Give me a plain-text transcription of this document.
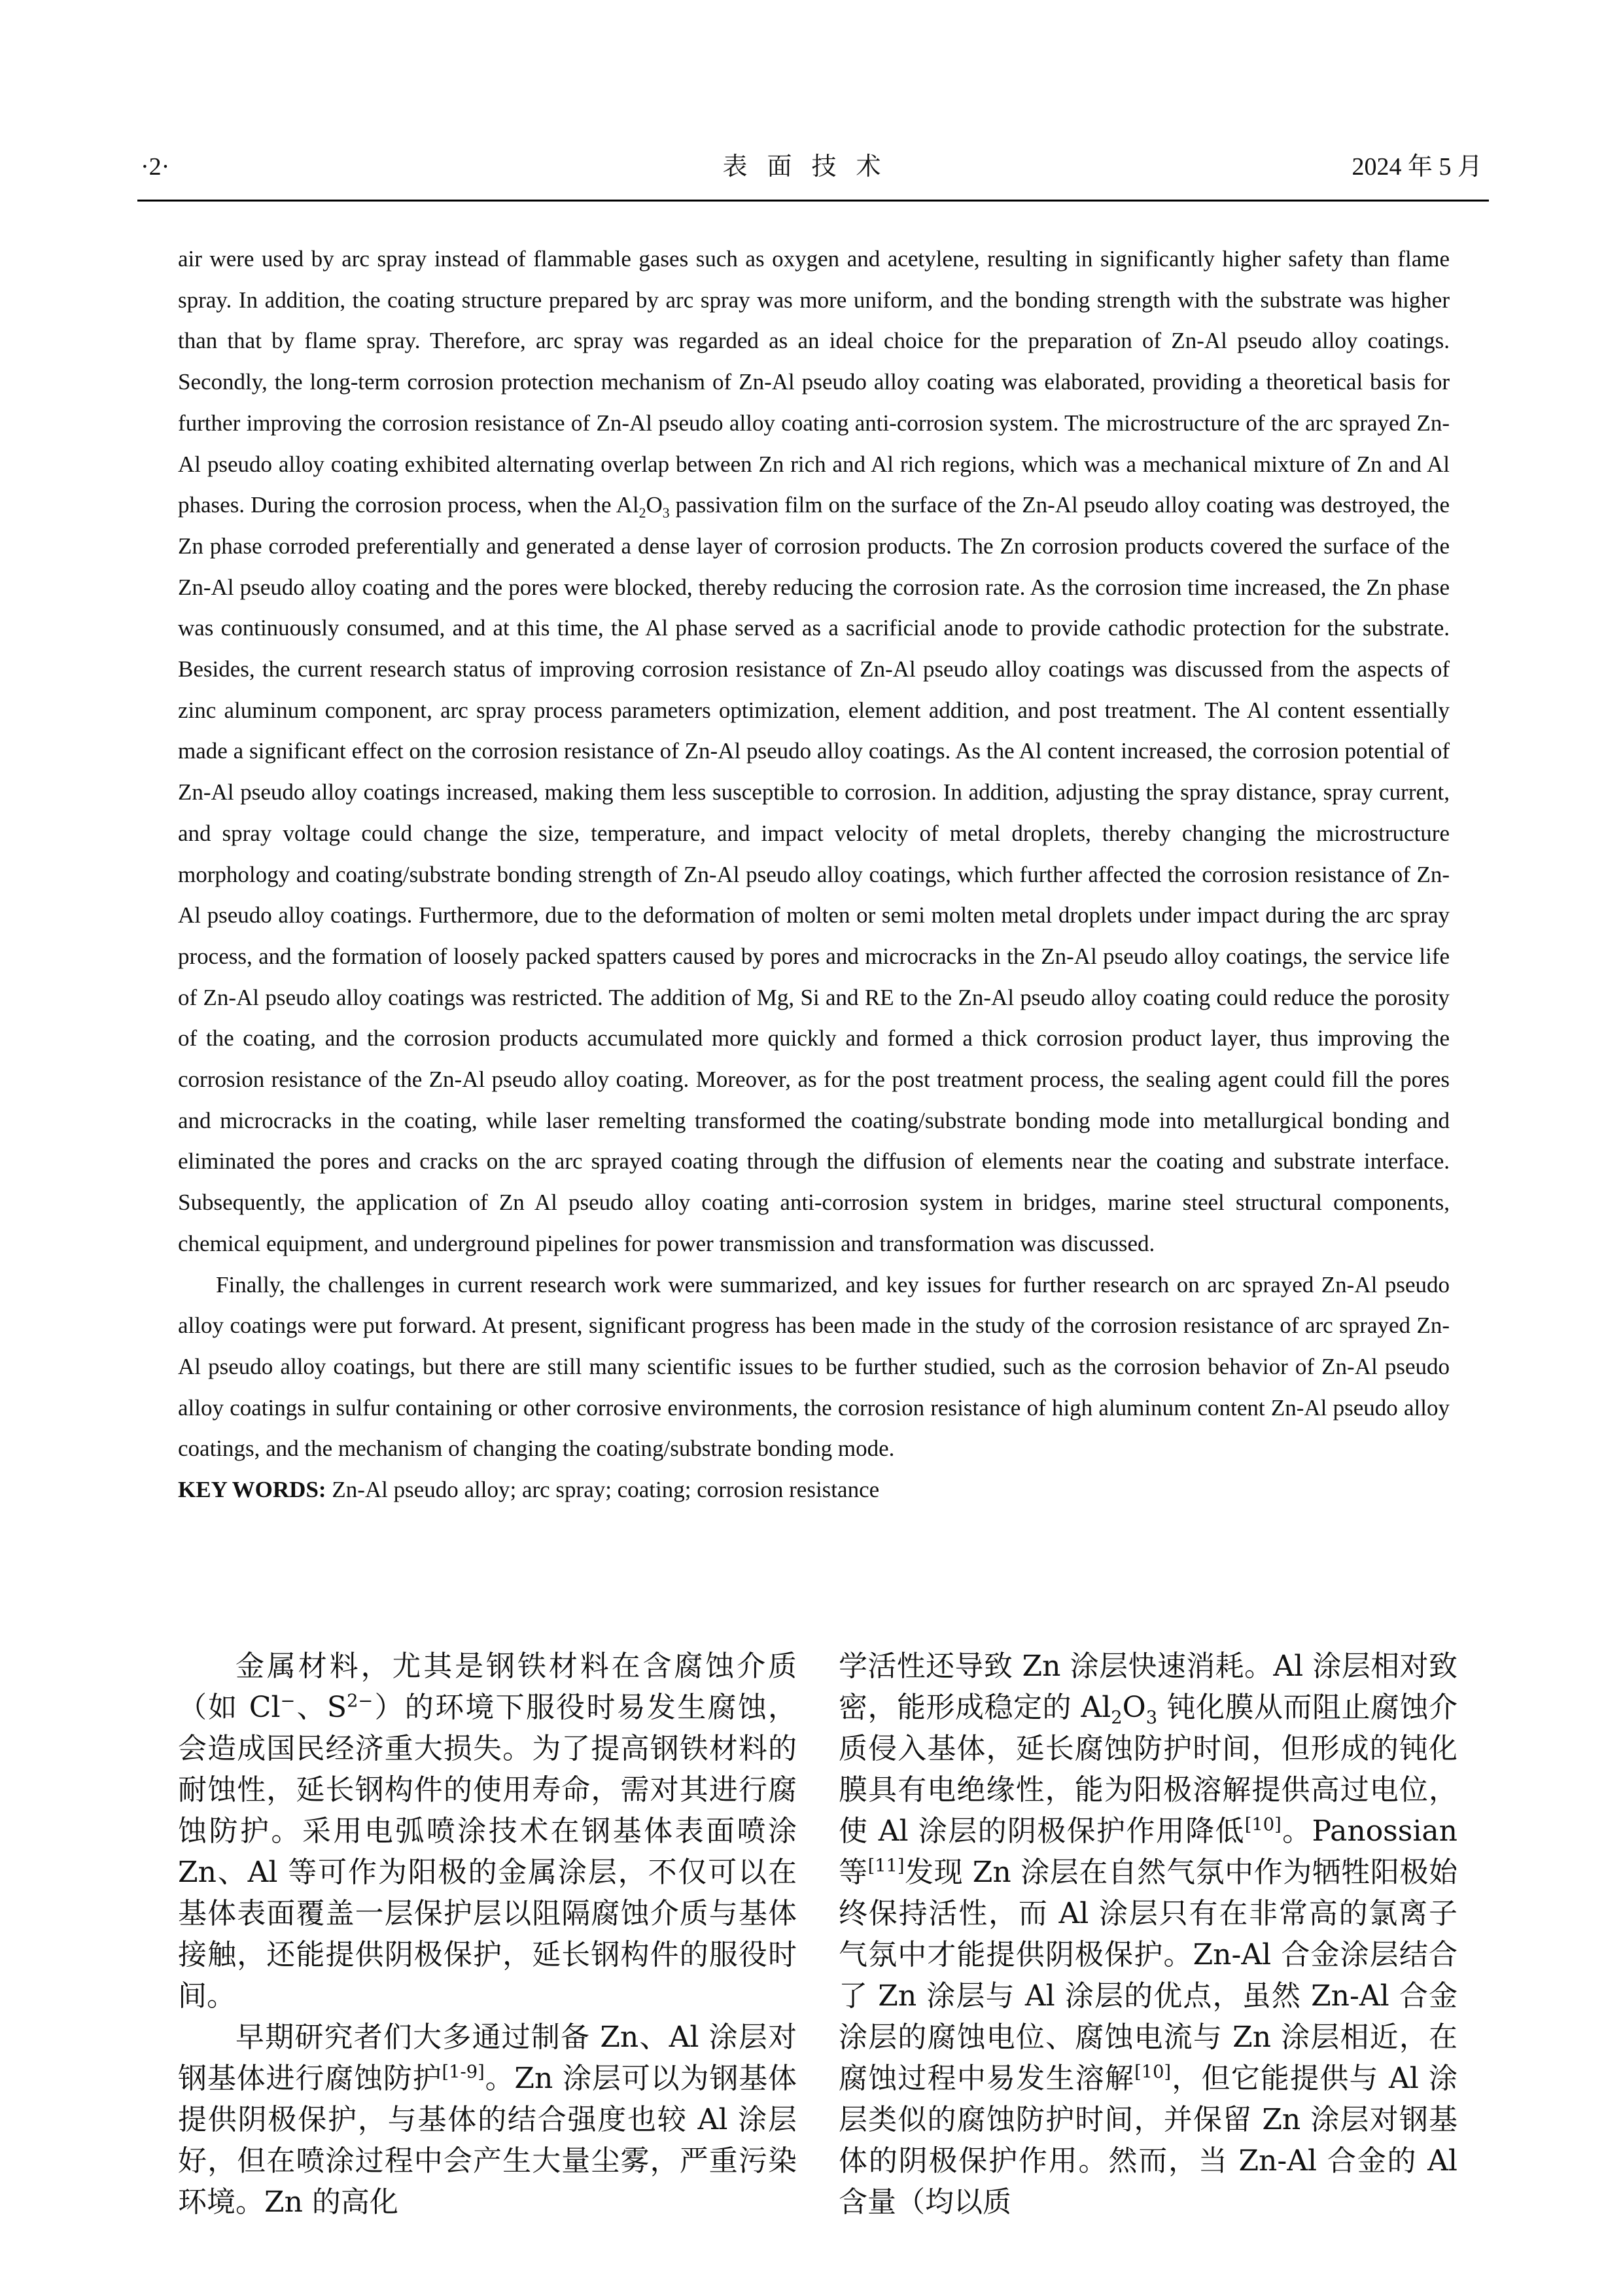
·2·	表面技术	2024 年 5 月

air were used by arc spray instead of flammable gases such as oxygen and acetylene, resulting in significantly higher safety than flame spray. In addition, the coating structure prepared by arc spray was more uniform, and the bonding strength with the substrate was higher than that by flame spray. Therefore, arc spray was regarded as an ideal choice for the preparation of Zn-Al pseudo alloy coatings. Secondly, the long-term corrosion protection mechanism of Zn-Al pseudo alloy coating was elaborated, providing a theoretical basis for further improving the corrosion resistance of Zn-Al pseudo alloy coating anti-corrosion system. The microstructure of the arc sprayed Zn-Al pseudo alloy coating exhibited alternating overlap between Zn rich and Al rich regions, which was a mechanical mixture of Zn and Al phases. During the corrosion process, when the $Al_2O_3$ passivation film on the surface of the Zn-Al pseudo alloy coating was destroyed, the Zn phase corroded preferentially and generated a dense layer of corrosion products. The Zn corrosion products covered the surface of the Zn-Al pseudo alloy coating and the pores were blocked, thereby reducing the corrosion rate. As the corrosion time increased, the Zn phase was continuously consumed, and at this time, the Al phase served as a sacrificial anode to provide cathodic protection for the substrate. Besides, the current research status of improving corrosion resistance of Zn-Al pseudo alloy coatings was discussed from the aspects of zinc aluminum component, arc spray process parameters optimization, element addition, and post treatment. The Al content essentially made a significant effect on the corrosion resistance of Zn-Al pseudo alloy coatings. As the Al content increased, the corrosion potential of Zn-Al pseudo alloy coatings increased, making them less susceptible to corrosion. In addition, adjusting the spray distance, spray current, and spray voltage could change the size, temperature, and impact velocity of metal droplets, thereby changing the microstructure morphology and coating/substrate bonding strength of Zn-Al pseudo alloy coatings, which further affected the corrosion resistance of Zn-Al pseudo alloy coatings. Furthermore, due to the deformation of molten or semi molten metal droplets under impact during the arc spray process, and the formation of loosely packed spatters caused by pores and microcracks in the Zn-Al pseudo alloy coatings, the service life of Zn-Al pseudo alloy coatings was restricted. The addition of Mg, Si and RE to the Zn-Al pseudo alloy coating could reduce the porosity of the coating, and the corrosion products accumulated more quickly and formed a thick corrosion product layer, thus improving the corrosion resistance of the Zn-Al pseudo alloy coating. Moreover, as for the post treatment process, the sealing agent could fill the pores and microcracks in the coating, while laser remelting transformed the coating/substrate bonding mode into metallurgical bonding and eliminated the pores and cracks on the arc sprayed coating through the diffusion of elements near the coating and substrate interface. Subsequently, the application of Zn Al pseudo alloy coating anti-corrosion system in bridges, marine steel structural components, chemical equipment, and underground pipelines for power transmission and transformation was discussed.

Finally, the challenges in current research work were summarized, and key issues for further research on arc sprayed Zn-Al pseudo alloy coatings were put forward. At present, significant progress has been made in the study of the corrosion resistance of arc sprayed Zn-Al pseudo alloy coatings, but there are still many scientific issues to be further studied, such as the corrosion behavior of Zn-Al pseudo alloy coatings in sulfur containing or other corrosive environments, the corrosion resistance of high aluminum content Zn-Al pseudo alloy coatings, and the mechanism of changing the coating/substrate bonding mode.

KEY WORDS: Zn-Al pseudo alloy; arc spray; coating; corrosion resistance

金属材料，尤其是钢铁材料在含腐蚀介质（如 Cl−、$S^{2-}$）的环境下服役时易发生腐蚀，会造成国民经济重大损失。为了提高钢铁材料的耐蚀性，延长钢构件的使用寿命，需对其进行腐蚀防护。采用电弧喷涂技术在钢基体表面喷涂 Zn、Al 等可作为阳极的金属涂层，不仅可以在基体表面覆盖一层保护层以阻隔腐蚀介质与基体接触，还能提供阴极保护，延长钢构件的服役时间。

早期研究者们大多通过制备 Zn、Al 涂层对钢基体进行腐蚀防护[1-9]。Zn 涂层可以为钢基体提供阴极保护，与基体的结合强度也较 Al 涂层好，但在喷涂过程中会产生大量尘雾，严重污染环境。Zn 的高化

学活性还导致 Zn 涂层快速消耗。Al 涂层相对致密，能形成稳定的 $Al_2O_3$ 钝化膜从而阻止腐蚀介质侵入基体，延长腐蚀防护时间，但形成的钝化膜具有电绝缘性，能为阳极溶解提供高过电位，使 Al 涂层的阴极保护作用降低[10]。Panossian 等[11]发现 Zn 涂层在自然气氛中作为牺牲阳极始终保持活性，而 Al 涂层只有在非常高的氯离子气氛中才能提供阴极保护。Zn-Al 合金涂层结合了 Zn 涂层与 Al 涂层的优点，虽然 Zn-Al 合金涂层的腐蚀电位、腐蚀电流与 Zn 涂层相近，在腐蚀过程中易发生溶解[10]，但它能提供与 Al 涂层类似的腐蚀防护时间，并保留 Zn 涂层对钢基体的阴极保护作用。然而，当 Zn-Al 合金的 Al 含量（均以质
